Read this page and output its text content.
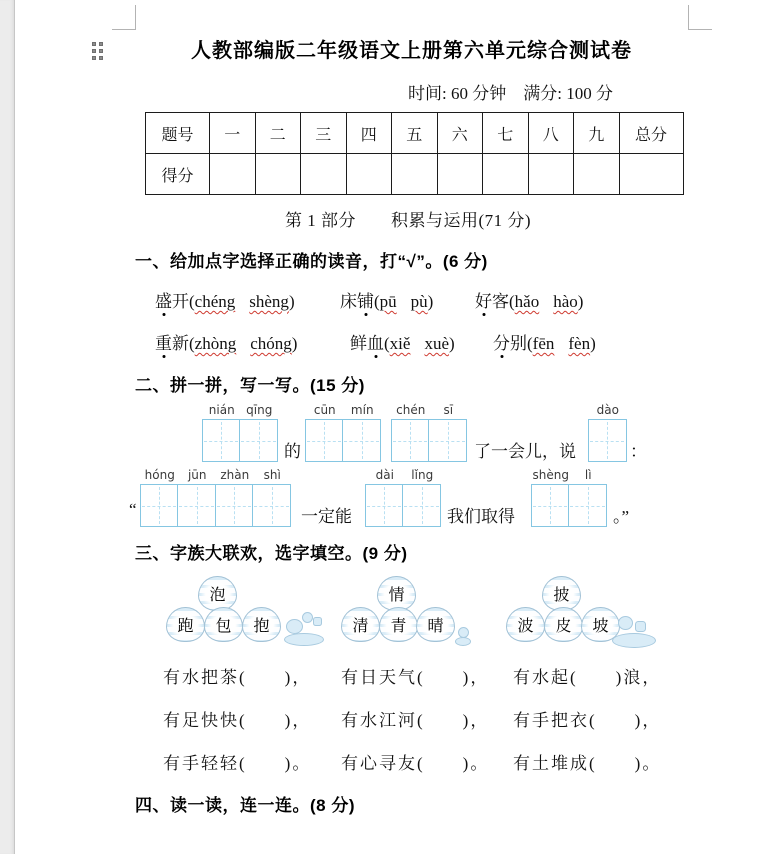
人教部编版二年级语文上册第六单元综合测试卷
时间: 60 分钟　满分: 100 分
题号	一	二	三	四	五	六	七	八	九	总分
得分										
第 1 部分　　积累与运用(71 分)
一、给加点字选择正确的读音，打“√”。(6 分)
盛开(chéng shèng)	床铺(pū pù) 好客(hǎo hào)
重新(zhòng chóng)	鲜血(xiě xuè) 分别(fēn fèn)
二、拼一拼，写一写。(15 分)
nián qīng
的
cūn	mín	chén	sī
了一会儿，说
dào
：
“
hóng	jūn	zhàn	shì
一定能
dài	lǐng
我们取得
shèng	lì
。”
三、字族大联欢，选字填空。(9 分)
泡
跑	包	抱
情
清	青	晴
披
波	皮	坡
有水把茶(　　)， 有日天气(　　)， 有水起(　　)浪，
有足快快(　　)， 有水江河(　　)， 有手把衣(　　)，
有手轻轻(　　)。 有心寻友(　　)。 有土堆成(　　)。
四、读一读，连一连。(8 分)
